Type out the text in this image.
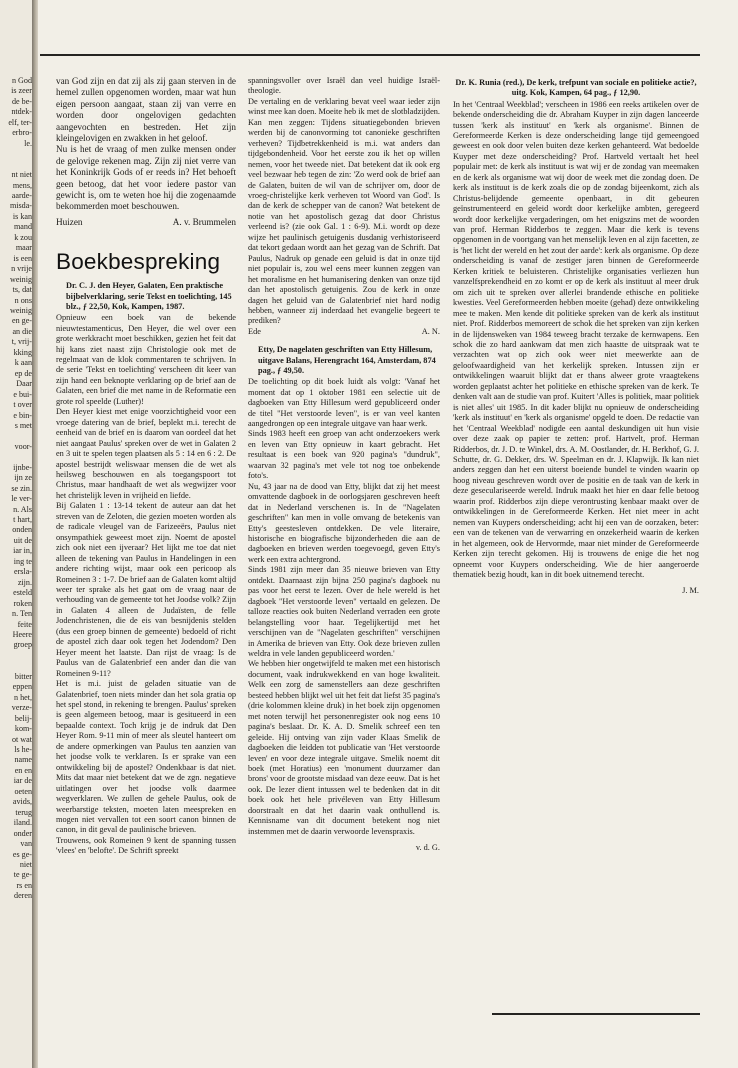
n God
is zeer
de be-
ntdek-
elf, ter-
erbro-
le.

nt niet
mens,
aarde-
misda-
is kan
mand
k zou
maar
is een
n vrije
weinig
ts, dat
n ons
weinig
en ge-
an die
t, vrij-
kking
k aan
ep de
Daar
e bui-
t over
e bin-
s met

voor-

ijnbe-
ijn ze
se zin.
le ver-
n. Als
t hart,
onden
uit de
iar in,
ing te
ersla-
zijn.
esteld
roken
n. Ten
feite
Heere
groep

bitter
eppen
n het,
verze-
belij-
kom-
ot wat
ls he-
name
en en
iar de
oeten
avids,
terug
iland.
onder
van
es ge-
niet
te ge-
rs en
deren

van God zijn en dat zij als zij gaan sterven in de hemel zullen opgenomen worden, maar wat hun eigen persoon aangaat, staan zij van verre en worden door ongelovigen gedachten aangevochten en bestreden. Het zijn kleingelovigen en zwakken in het geloof.

Nu is het de vraag of men zulke mensen onder de gelovige rekenen mag. Zijn zij niet verre van het Koninkrijk Gods of er reeds in? Het behoeft geen betoog, dat het voor iedere pastor van gewicht is, om te weten hoe hij die zogenaamde bekommerden moet beschouwen.

Huizen	A. v. Brummelen
Boekbespreking
Dr. C. J. den Heyer, Galaten, Een praktische bijbelverklaring, serie Tekst en toelichting, 145 blz., ƒ 22,50, Kok, Kampen, 1987.

Opnieuw een boek van de bekende nieuwtestamenticus, Den Heyer, die wel over een grote werkkracht moet beschikken, gezien het feit dat hij kans ziet naast zijn Christologie ook met de regelmaat van de klok commentaren te schrijven. In de serie 'Tekst en toelichting' verscheen dit keer van zijn hand een beknopte verklaring op de brief aan de Galaten, een brief die met name in de Reformatie een grote rol speelde (Luther)!

Den Heyer kiest met enige voorzichtigheid voor een vroege datering van de brief, beplekt m.i. terecht de eenheid van de brief en is daarom van oordeel dat het niet aangaat Paulus' spreken over de wet in Galaten 2 en 3 uit te spelen tegen plaatsen als 5 : 14 en 6 : 2. De apostel bestrijdt weliswaar mensen die de wet als heilsweg beschouwen en als toegangspoort tot Christus, maar handhaaft de wet als wegwijzer voor het christelijk leven in vrijheid en liefde.

Bij Galaten 1 : 13-14 tekent de auteur aan dat het streven van de Zeloten, die gezien moeten worden als de radicale vleugel van de Farizeeërs, Paulus niet onsympathiek geweest moet zijn. Noemt de apostel zich ook niet een ijveraar? Het lijkt me toe dat niet alleen de tekening van Paulus in Handelingen in een andere richting wijst, maar ook een pericoop als Romeinen 3 : 1-7. De brief aan de Galaten komt altijd weer ter sprake als het gaat om de vraag naar de verhouding van de gemeente tot het Joodse volk? Zijn in Galaten 4 alleen de Judaïsten, de felle Jodenchristenen, die de eis van besnijdenis stelden (dus een groep binnen de gemeente) bedoeld of richt de apostel zich daar ook tegen het Jodendom? Den Heyer meent het laatste. Dan rijst de vraag: Is de Paulus van de Galatenbrief een ander dan die van Romeinen 9-11?

Het is m.i. juist de geladen situatie van de Galatenbrief, toen niets minder dan het sola gratia op het spel stond, in rekening te brengen. Paulus' spreken is geen algemeen betoog, maar is gesitueerd in een bepaalde context. Toch krijg je de indruk dat Den Heyer Rom. 9-11 min of meer als sleutel hanteert om de andere opmerkingen van Paulus ten aanzien van het joodse volk te verklaren. Is er sprake van een ontwikkeling bij de apostel? Ondenkbaar is dat niet. Mits dat maar niet betekent dat we de zgn. negatieve uitlatingen over het joodse volk daarmee wegverklaren. We zullen de gehele Paulus, ook de weerbarstige teksten, moeten laten meespreken en mogen niet vervallen tot een soort canon binnen de canon, in dit geval de paulinische brieven.

Trouwens, ook Romeinen 9 kent de spanning tussen 'vlees' en 'belofte'. De Schrift spreekt

spanningsvoller over Israël dan veel huidige Israël-theologie.

De vertaling en de verklaring bevat veel waar ieder zijn winst mee kan doen. Moeite heb ik met de slotbladzijden. Kan men zeggen: Tijdens situatiegebonden brieven werden bij de canonvorming tot canonieke geschriften verheven? Tijdbetrekkenheid is m.i. wat anders dan tijdgebondenheid. Voor het eerste zou ik het op willen nemen, voor het tweede niet. Dat betekent dat ik ook erg veel bezwaar heb tegen de zin: 'Zo werd ook de brief aan de Galaten, buiten de wil van de schrijver om, door de vroeg-christelijke kerk verheven tot Woord van God'. Is dan de kerk de schepper van de canon? Wat betekent de notie van het apostolisch gezag dat door Christus verleend is? (zie ook Gal. 1 : 6-9). M.i. wordt op deze wijze het paulinisch getuigenis dusdanig verhistoriseerd dat tekort gedaan wordt aan het gezag van de Schrift. Dat Paulus, Nadruk op genade een geluid is dat in onze tijd niet populair is, zou wel eens meer kunnen zeggen van het moralisme en het humanisering denken van onze tijd dan het apostolisch getuigenis. Zou de kerk in onze dagen het geluid van de Galatenbrief niet hard nodig hebben, wanneer zij inderdaad het evangelie begeert te prediken?

Ede	A. N.
Etty, De nagelaten geschriften van Etty Hillesum, uitgave Balans, Herengracht 164, Amsterdam, 874 pag., ƒ 49,50.

De toelichting op dit boek luidt als volgt: 'Vanaf het moment dat op 1 oktober 1981 een selectie uit de dagboeken van Etty Hillesum werd gepubliceerd onder de titel "Het verstoorde leven", is er van veel kanten aangedrongen op een integrale uitgave van haar werk.

Sinds 1983 heeft een groep van acht onderzoekers werk en leven van Etty opnieuw in kaart gebracht. Het resultaat is een boek van 920 pagina's "dundruk", waarvan 32 pagina's met vele tot nog toe onbekende foto's.

Nu, 43 jaar na de dood van Etty, blijkt dat zij het meest omvattende dagboek in de oorlogsjaren geschreven heeft dat in Nederland verschenen is. In de "Nagelaten geschriften" kan men in volle omvang de betekenis van Etty's geestesleven ontdekken. De vele literaire, historische en biografische bijzonderheden die aan de dagboeken en brieven werden toegevoegd, geven Etty's werk een extra achtergrond.

Sinds 1981 zijn meer dan 35 nieuwe brieven van Etty ontdekt. Daarnaast zijn bijna 250 pagina's dagboek nu pas voor het eerst te lezen. Over de hele wereld is het dagboek "Het verstoorde leven" vertaald en gelezen. De talloze reacties ook buiten Nederland verraden een grote belangstelling voor haar. Tegelijkertijd met het verschijnen van de "Nagelaten geschriften" verschijnen in Amerika de brieven van Etty. Ook deze brieven zullen weldra in vele landen gepubliceerd worden.'

We hebben hier ongetwijfeld te maken met een historisch document, vaak indrukwekkend en van hoge kwaliteit. Welk een zorg de samenstellers aan deze geschriften besteed hebben blijkt wel uit het feit dat liefst 35 pagina's (drie kolommen kleine druk) in het boek zijn opgenomen met noten terwijl het personenregister ook nog eens 10 pagina's beslaat. Dr. K. A. D. Smelik schreef een ten geleide. Hij ontving van zijn vader Klaas Smelik de dagboeken die leidden tot publicatie van 'Het verstoorde leven' en voor deze integrale uitgave. Smelik noemt dit boek (met Horatius) een 'monument duurzamer dan brons' voor de grootste misdaad van deze eeuw. Dat is het ook. De lezer dient intussen wel te bedenken dat in dit boek ook het hele privéleven van Etty Hillesum doorstraalt en dat het daarin vaak onthullend is. Kennisname van dit document betekent nog niet instemmen met de daarin verwoorde levenspraxis.

v. d. G.
Dr. K. Runia (red.), De kerk, trefpunt van sociale en politieke actie?, uitg. Kok, Kampen, 64 pag., ƒ 12,90.

In het 'Centraal Weekblad'; verscheen in 1986 een reeks artikelen over de bekende onderscheiding die dr. Abraham Kuyper in zijn dagen lanceerde tussen 'kerk als instituut' en 'kerk als organisme'. Binnen de Gereformeerde Kerken is deze onderscheiding lange tijd gemeengoed geweest en ook door velen buiten deze kerken gehanteerd. Wat bedoelde Kuyper met deze onderscheiding? Prof. Hartveld vertaalt het heel populair met: de kerk als instituut is wat wij er de zondag van meemaken en de kerk als organisme wat wij door de week met die zondag doen. De kerk als instituut is de kerk zoals die op de zondag bijeenkomt, zich als Christus-belijdende gemeente openbaart, in dit gebeuren geïnstrumenteerd en geleid wordt door kerkelijke ambten, geregeerd wordt door kerkelijke vergaderingen, om het enigszins met de woorden van prof. Herman Ridderbos te zeggen. Maar die kerk is tevens opgenomen in de voortgang van het menselijk leven en al zijn facetten, ze is 'het licht der wereld en het zout der aarde': kerk als organisme. Op deze onderscheiding is vanaf de zestiger jaren binnen de Gereformeerde Kerken kritiek te beluisteren. Christelijke organisaties verliezen hun vanzelfsprekendheid en zo komt er op de kerk als instituut al meer druk om zich uit te spreken over allerlei brandende ethische en politieke kwesties. Veel Gereformeerden hebben moeite (gehad) deze ontwikkeling mee te maken. Men kende dit politieke spreken van de kerk als instituut niet. Prof. Ridderbos memoreert de schok die het spreken van zijn kerken in de lijdensweken van 1984 teweeg bracht terzake de kernwapens. Een schok die zo hard aankwam dat men zich haastte de uitspraak wat te verzachten wat op zich ook weer niet meewerkte aan de geloofwaardigheid van het kerkelijk spreken. Intussen zijn er ontwikkelingen waaruit blijkt dat er thans alweer grote vraagtekens worden geplaatst achter het politieke en ethische spreken van de kerk. Te denken valt aan de studie van prof. Kuitert 'Alles is politiek, maar politiek is niet alles' uit 1985. In dit kader blijkt nu opnieuw de onderscheiding 'kerk als instituut' en 'kerk als organisme' opgeld te doen. De redactie van het 'Centraal Weekblad' nodigde een aantal deskundigen uit hun visie over deze zaak op papier te zetten: prof. Hartvelt, prof. Herman Ridderbos, dr. J. D. te Winkel, drs. A. M. Oostlander, dr. H. Berkhof, G. J. Schutte, dr. G. Dekker, drs. W. Speelman en dr. J. Klapwijk. Ik kan niet anders zeggen dan het een uiterst boeiende bundel te vinden waarin op hoog niveau geschreven wordt over de positie en de taak van de kerk in deze geseculariseerde wereld. Indruk maakt het hier en daar felle betoog waarin prof. Ridderbos zijn diepe verontrusting kenbaar maakt over de ontwikkelingen in de Gereformeerde Kerken. Het niet meer in acht nemen van Kuypers onderscheiding; acht hij een van de oorzaken, beter: een van de tekenen van de verwarring en onzekerheid waarin de kerken in het algemeen, ook de Hervormde, maar niet minder de Gereformeerde Kerken zijn terecht gekomen. Hij is trouwens de enige die het nog opneemt voor Kuypers onderscheiding. Wie de hier aangeroerde thematiek bezig houdt, kan in dit boek uitnemend terecht.

J. M.
